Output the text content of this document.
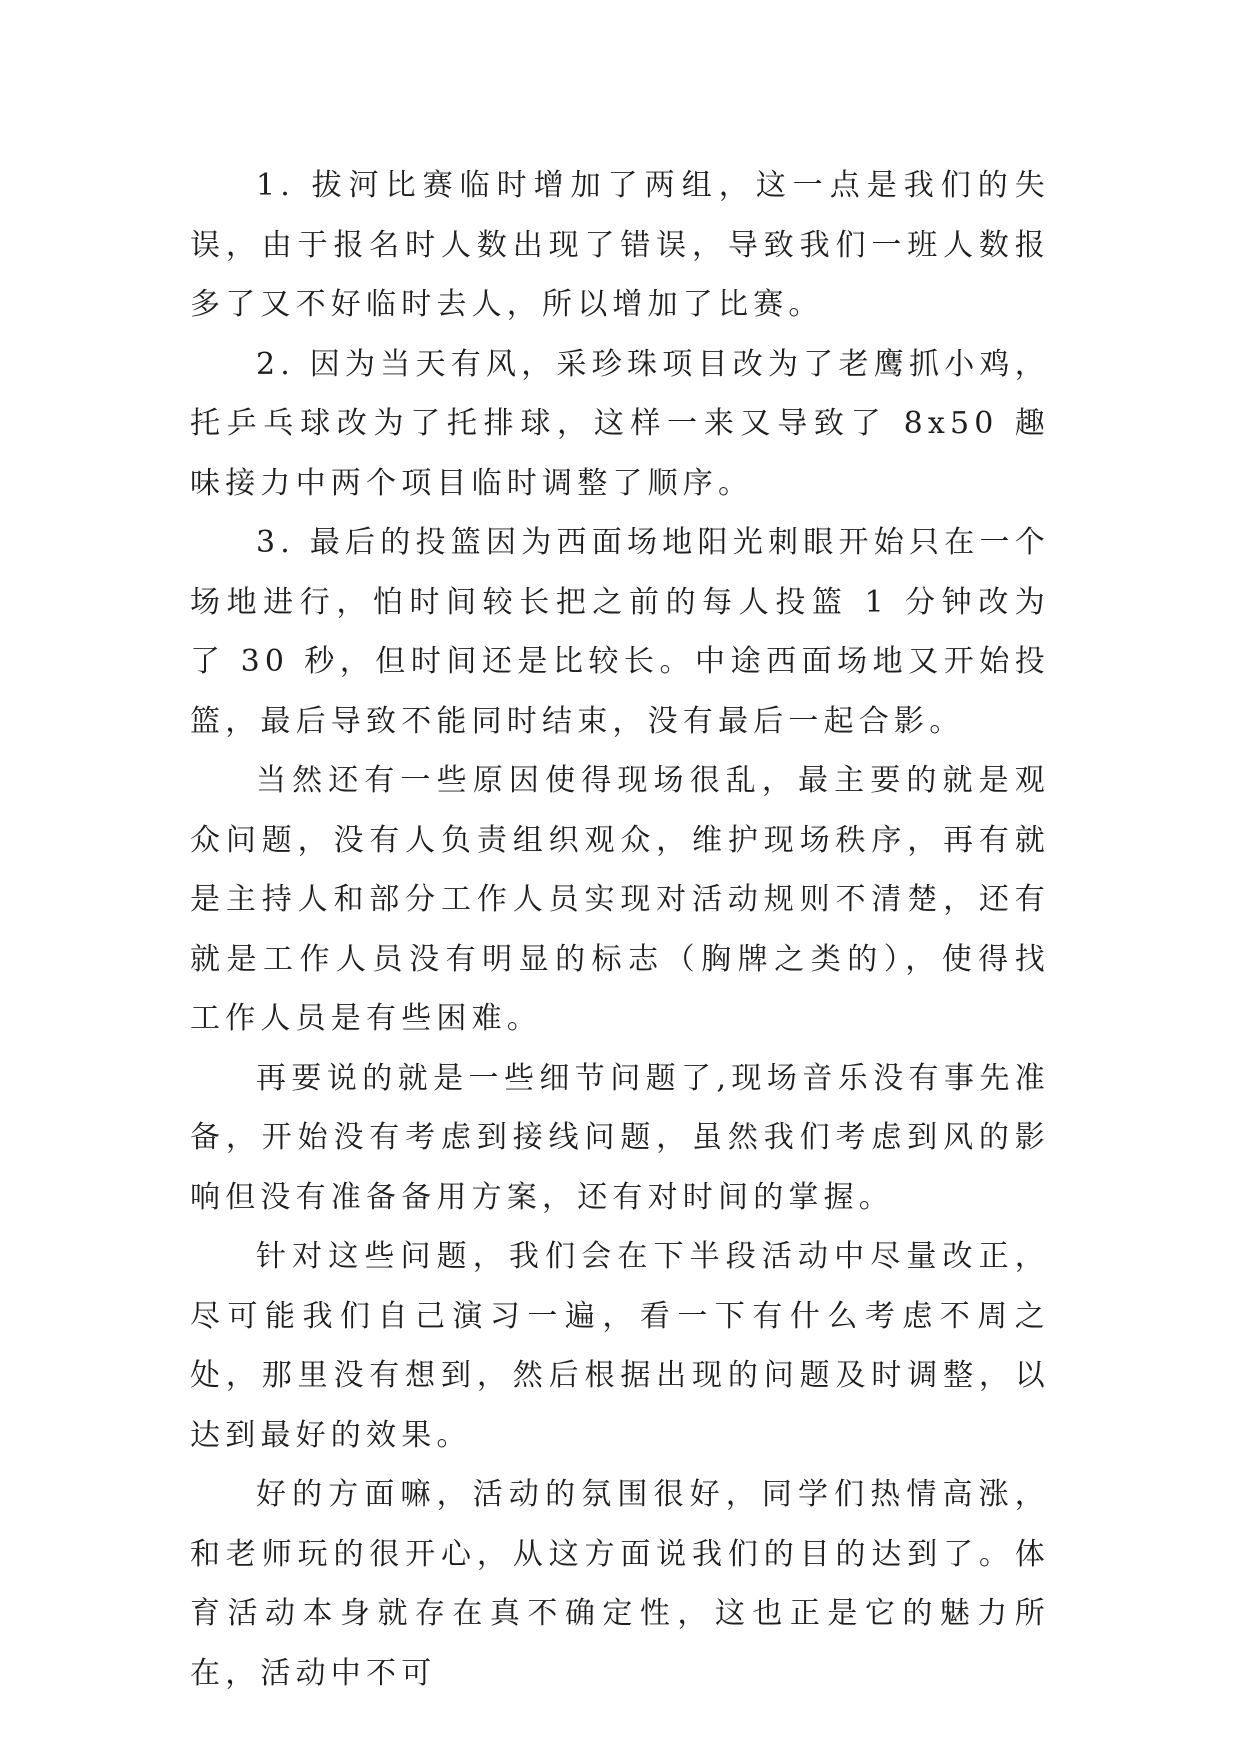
1. 拔河比赛临时增加了两组，这一点是我们的失误，由于报名时人数出现了错误，导致我们一班人数报多了又不好临时去人，所以增加了比赛。

2. 因为当天有风，采珍珠项目改为了老鹰抓小鸡，托乒乓球改为了托排球，这样一来又导致了 8x50 趣味接力中两个项目临时调整了顺序。

3. 最后的投篮因为西面场地阳光刺眼开始只在一个场地进行，怕时间较长把之前的每人投篮 1 分钟改为了 30 秒，但时间还是比较长。中途西面场地又开始投篮，最后导致不能同时结束，没有最后一起合影。

当然还有一些原因使得现场很乱，最主要的就是观众问题，没有人负责组织观众，维护现场秩序，再有就是主持人和部分工作人员实现对活动规则不清楚，还有就是工作人员没有明显的标志（胸牌之类的），使得找工作人员是有些困难。

再要说的就是一些细节问题了,现场音乐没有事先准备，开始没有考虑到接线问题，虽然我们考虑到风的影响但没有准备备用方案，还有对时间的掌握。

针对这些问题，我们会在下半段活动中尽量改正，尽可能我们自己演习一遍，看一下有什么考虑不周之处，那里没有想到，然后根据出现的问题及时调整，以达到最好的效果。

好的方面嘛，活动的氛围很好，同学们热情高涨，和老师玩的很开心，从这方面说我们的目的达到了。体育活动本身就存在真不确定性，这也正是它的魅力所在，活动中不可
